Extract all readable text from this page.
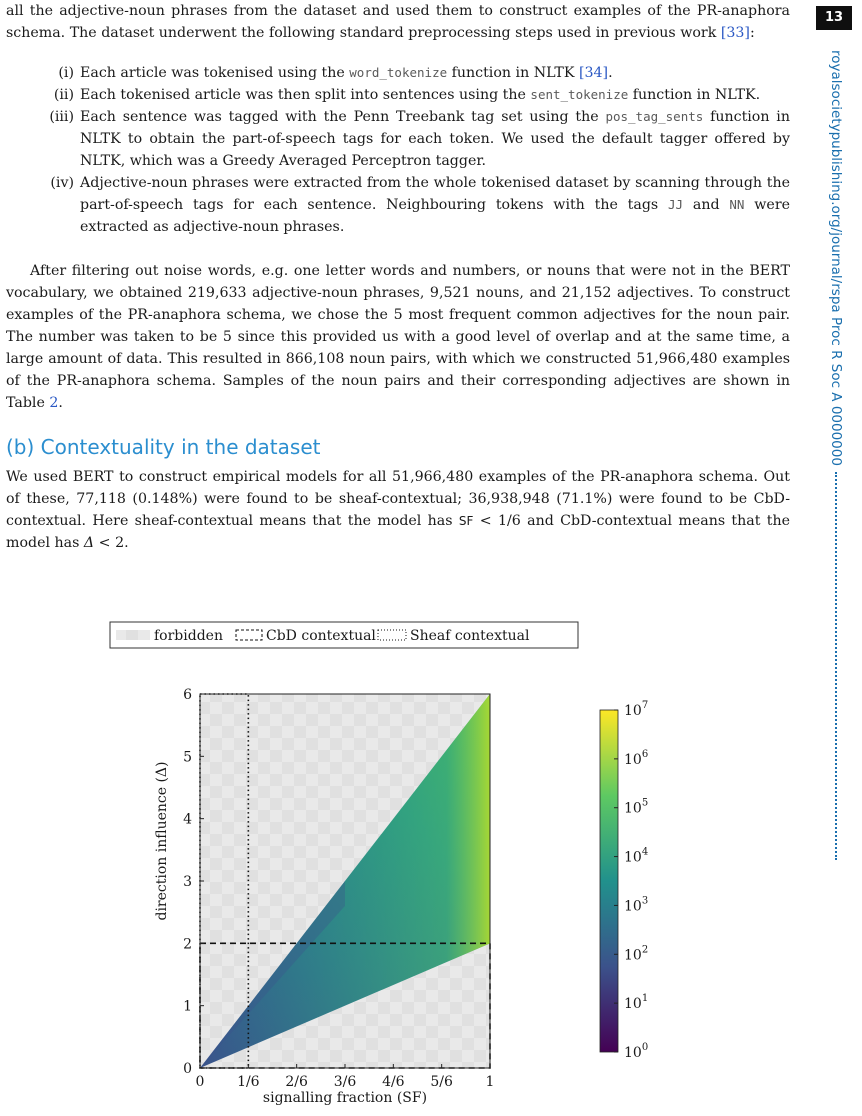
13
royalsocietypublishing.org/journal/rspa Proc R Soc A 0000000

all the adjective-noun phrases from the dataset and used them to construct examples of the PR-anaphora schema. The dataset underwent the following standard preprocessing steps used in previous work [33]:

(i) Each article was tokenised using the word_tokenize function in NLTK [34].
(ii) Each tokenised article was then split into sentences using the sent_tokenize function in NLTK.
(iii) Each sentence was tagged with the Penn Treebank tag set using the pos_tag_sents function in NLTK to obtain the part-of-speech tags for each token. We used the default tagger offered by NLTK, which was a Greedy Averaged Perceptron tagger.
(iv) Adjective-noun phrases were extracted from the whole tokenised dataset by scanning through the part-of-speech tags for each sentence. Neighbouring tokens with the tags JJ and NN were extracted as adjective-noun phrases.

After filtering out noise words, e.g. one letter words and numbers, or nouns that were not in the BERT vocabulary, we obtained 219,633 adjective-noun phrases, 9,521 nouns, and 21,152 adjectives. To construct examples of the PR-anaphora schema, we chose the 5 most frequent common adjectives for the noun pair. The number was taken to be 5 since this provided us with a good level of overlap and at the same time, a large amount of data. This resulted in 866,108 noun pairs, with which we constructed 51,966,480 examples of the PR-anaphora schema. Samples of the noun pairs and their corresponding adjectives are shown in Table 2.

(b) Contextuality in the dataset

We used BERT to construct empirical models for all 51,966,480 examples of the PR-anaphora schema. Out of these, 77,118 (0.148%) were found to be sheaf-contextual; 36,938,948 (71.1%) were found to be CbD-contextual. Here sheaf-contextual means that the model has SF < 1/6 and CbD-contextual means that the model has Δ < 2.

forbidden	CbD contextual Sheaf contextual
0 1/6 2/6 3/6 4/6 5/6 1
0
1
2
3
4
5
6
$10^0$
$10^1$
$10^2$
$10^3$
$10^4$
$10^5$
$10^6$
$10^7$
signalling fraction (SF)
direction influence (Δ)
